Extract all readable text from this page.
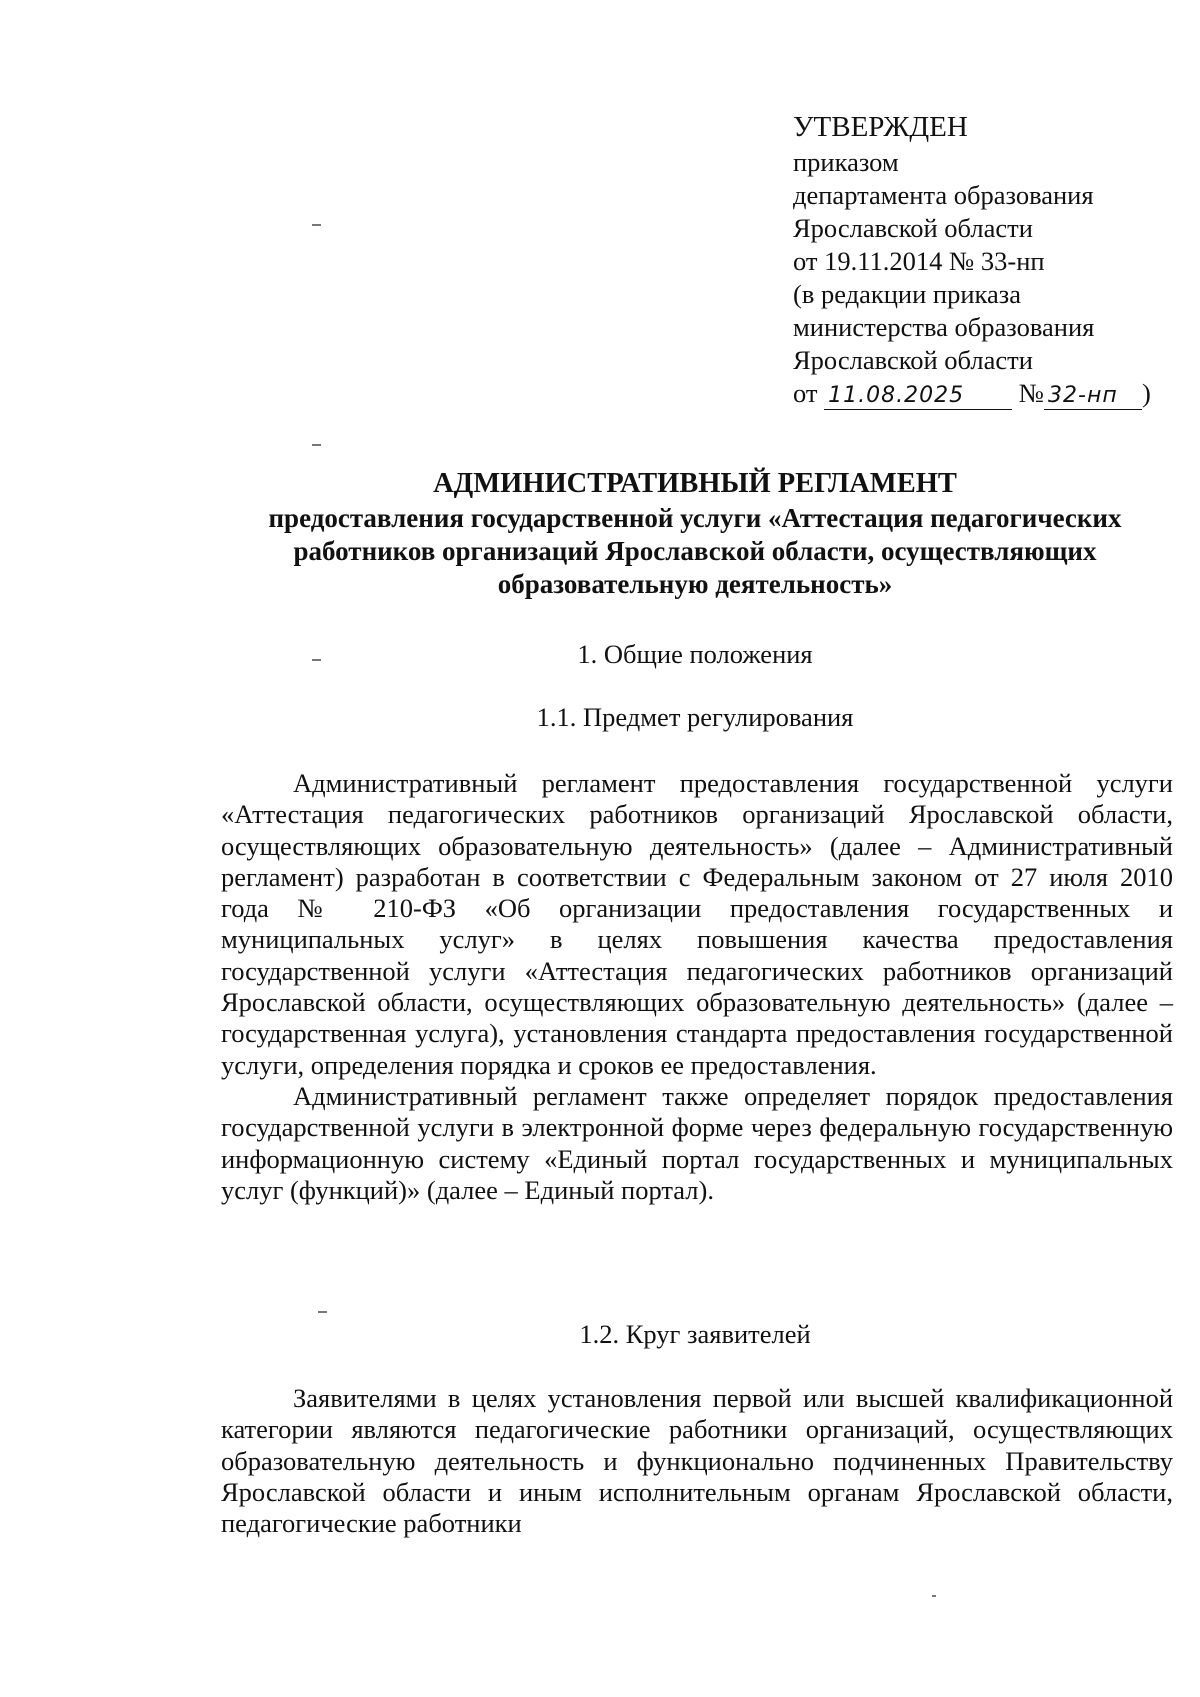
УТВЕРЖДЕН
приказом
департамента образования
Ярославской области
от 19.11.2014 № 33-нп
(в редакции приказа
министерства образования
Ярославской области
от 11.08.2025 № 32-нп )
АДМИНИСТРАТИВНЫЙ РЕГЛАМЕНТ
предоставления государственной услуги «Аттестация педагогических работников организаций Ярославской области, осуществляющих образовательную деятельность»
1. Общие положения
1.1. Предмет регулирования

Административный регламент предоставления государственной услуги «Аттестация педагогических работников организаций Ярославской области, осуществляющих образовательную деятельность» (далее – Административный регламент) разработан в соответствии с Федеральным законом от 27 июля 2010 года № 210-ФЗ «Об организации предоставления государственных и муниципальных услуг» в целях повышения качества предоставления государственной услуги «Аттестация педагогических работников организаций Ярославской области, осуществляющих образовательную деятельность» (далее – государственная услуга), установления стандарта предоставления государственной услуги, определения порядка и сроков ее предоставления.

Административный регламент также определяет порядок предоставления государственной услуги в электронной форме через федеральную государственную информационную систему «Единый портал государственных и муниципальных услуг (функций)» (далее – Единый портал).

1.2. Круг заявителей

Заявителями в целях установления первой или высшей квалификационной категории являются педагогические работники организаций, осуществляющих образовательную деятельность и функционально подчиненных Правительству Ярославской области и иным исполнительным органам Ярославской области, педагогические работники
